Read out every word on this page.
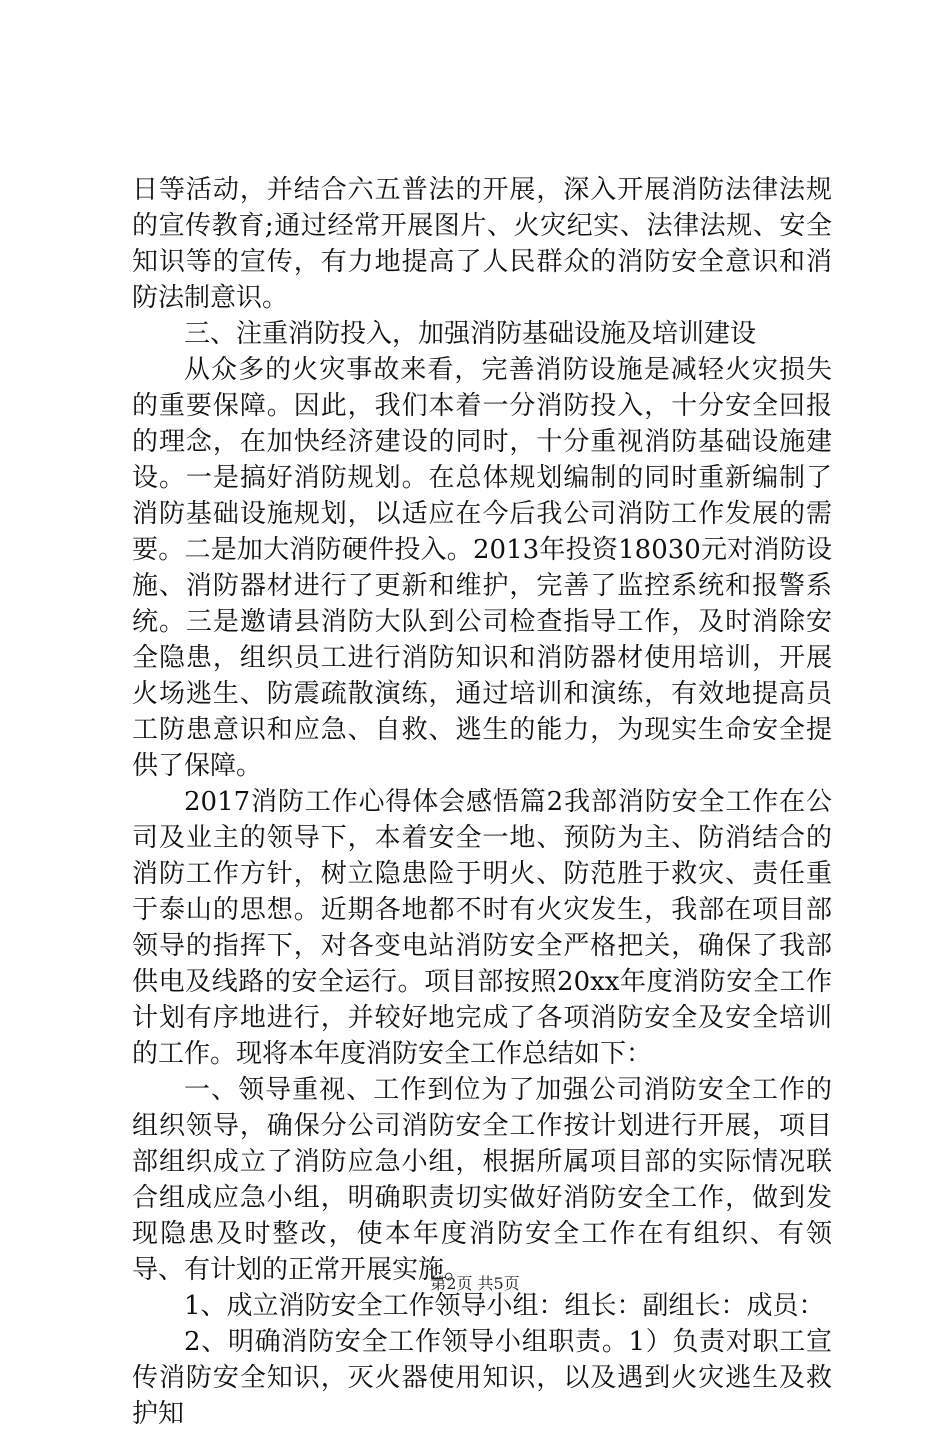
日等活动，并结合六五普法的开展，深入开展消防法律法规的宣传教育;通过经常开展图片、火灾纪实、法律法规、安全知识等的宣传，有力地提高了人民群众的消防安全意识和消防法制意识。

三、注重消防投入，加强消防基础设施及培训建设

从众多的火灾事故来看，完善消防设施是减轻火灾损失的重要保障。因此，我们本着一分消防投入，十分安全回报的理念，在加快经济建设的同时，十分重视消防基础设施建设。一是搞好消防规划。在总体规划编制的同时重新编制了消防基础设施规划，以适应在今后我公司消防工作发展的需要。二是加大消防硬件投入。2013年投资18030元对消防设施、消防器材进行了更新和维护，完善了监控系统和报警系统。三是邀请县消防大队到公司检查指导工作，及时消除安全隐患，组织员工进行消防知识和消防器材使用培训，开展火场逃生、防震疏散演练，通过培训和演练，有效地提高员工防患意识和应急、自救、逃生的能力，为现实生命安全提供了保障。

2017消防工作心得体会感悟篇2我部消防安全工作在公司及业主的领导下，本着安全一地、预防为主、防消结合的消防工作方针，树立隐患险于明火、防范胜于救灾、责任重于泰山的思想。近期各地都不时有火灾发生，我部在项目部领导的指挥下，对各变电站消防安全严格把关，确保了我部供电及线路的安全运行。项目部按照20xx年度消防安全工作计划有序地进行，并较好地完成了各项消防安全及安全培训的工作。现将本年度消防安全工作总结如下：

一、领导重视、工作到位为了加强公司消防安全工作的组织领导，确保分公司消防安全工作按计划进行开展，项目部组织成立了消防应急小组，根据所属项目部的实际情况联合组成应急小组，明确职责切实做好消防安全工作，做到发现隐患及时整改，使本年度消防安全工作在有组织、有领导、有计划的正常开展实施。

1、成立消防安全工作领导小组：组长：副组长：成员：

2、明确消防安全工作领导小组职责。1）负责对职工宣传消防安全知识，灭火器使用知识，以及遇到火灾逃生及救护知

第2页 共5页
